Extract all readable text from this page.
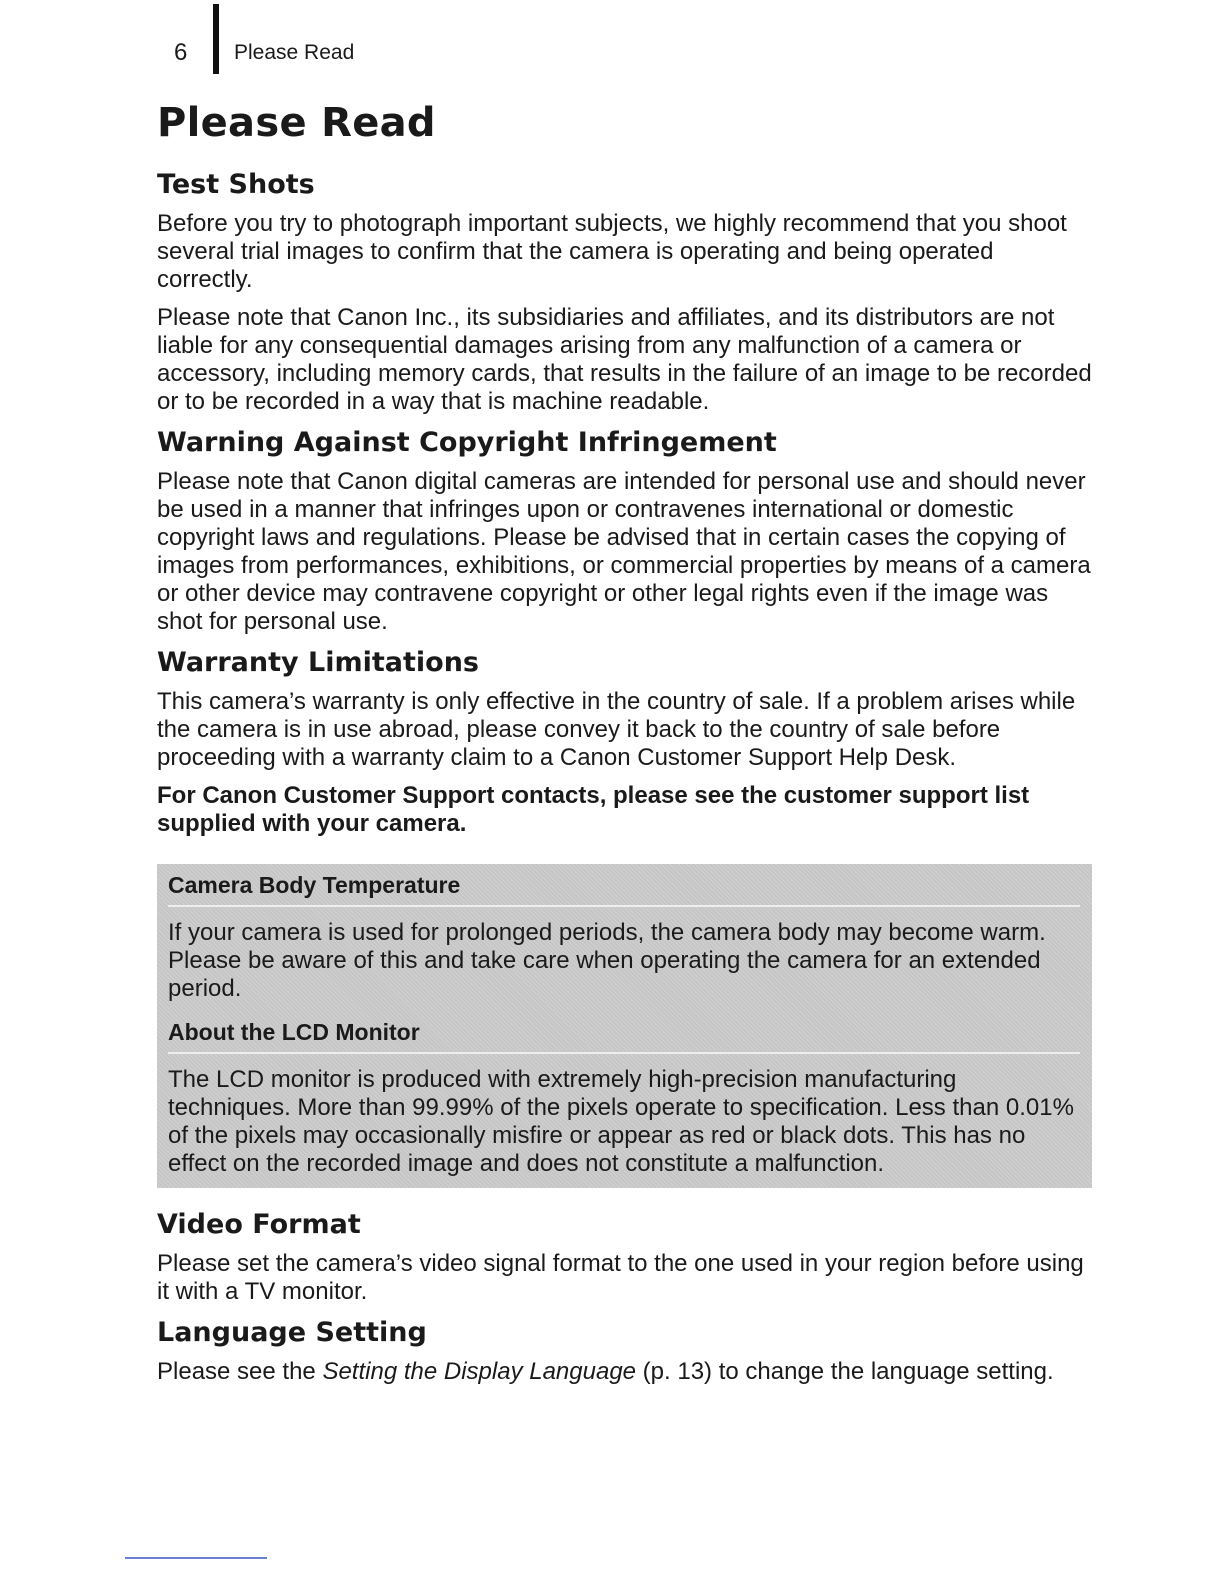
6 Please Read
Please Read
Test Shots

Before you try to photograph important subjects, we highly recommend that you shoot several trial images to confirm that the camera is operating and being operated correctly.

Please note that Canon Inc., its subsidiaries and affiliates, and its distributors are not liable for any consequential damages arising from any malfunction of a camera or accessory, including memory cards, that results in the failure of an image to be recorded or to be recorded in a way that is machine readable.

Warning Against Copyright Infringement

Please note that Canon digital cameras are intended for personal use and should never be used in a manner that infringes upon or contravenes international or domestic copyright laws and regulations. Please be advised that in certain cases the copying of images from performances, exhibitions, or commercial properties by means of a camera or other device may contravene copyright or other legal rights even if the image was shot for personal use.

Warranty Limitations

This camera’s warranty is only effective in the country of sale. If a problem arises while the camera is in use abroad, please convey it back to the country of sale before proceeding with a warranty claim to a Canon Customer Support Help Desk.

For Canon Customer Support contacts, please see the customer support list supplied with your camera.

Camera Body Temperature

If your camera is used for prolonged periods, the camera body may become warm. Please be aware of this and take care when operating the camera for an extended period.

About the LCD Monitor

The LCD monitor is produced with extremely high-precision manufacturing techniques. More than 99.99% of the pixels operate to specification. Less than 0.01% of the pixels may occasionally misfire or appear as red or black dots. This has no effect on the recorded image and does not constitute a malfunction.

Video Format

Please set the camera’s video signal format to the one used in your region before using it with a TV monitor.

Language Setting

Please see the Setting the Display Language (p. 13) to change the language setting.
